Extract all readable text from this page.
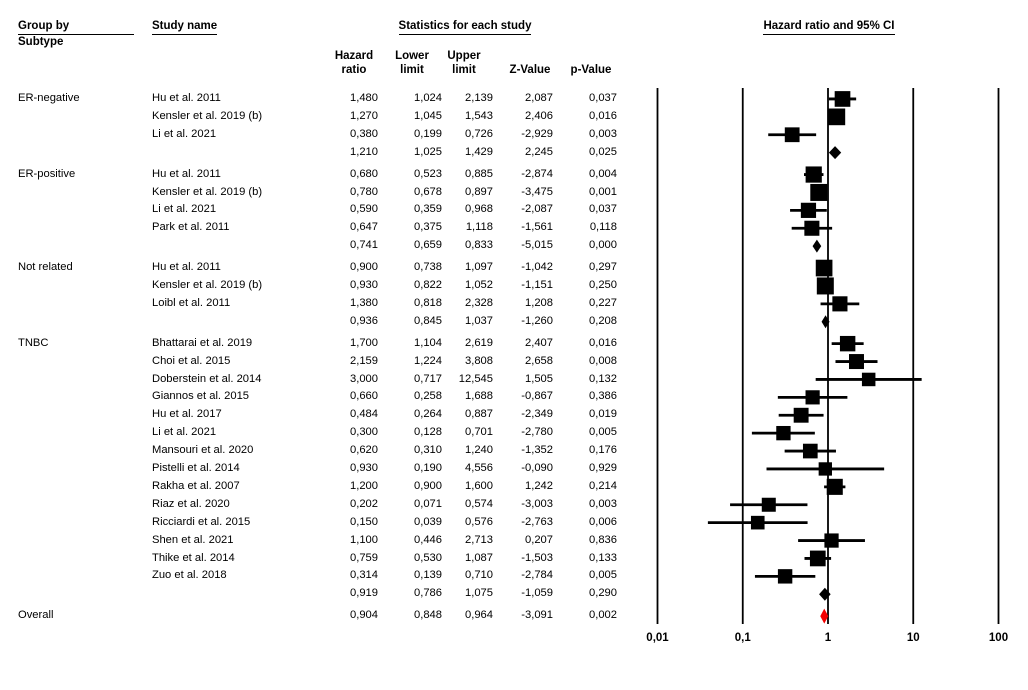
Group by
Subtype
Study name	Statistics for each study	Hazard ratio and 95% CI
Hazard
ratio
Lower
limit
Upper
limit	Z-Value	p-Value
ER-negative	Hu et al. 2011	1,480	1,024	2,139	2,087	0,037
Kensler et al. 2019 (b)	1,270	1,045	1,543	2,406	0,016
Li et al. 2021	0,380	0,199	0,726	-2,929	0,003
1,210	1,025	1,429	2,245	0,025
ER-positive	Hu et al. 2011	0,680	0,523	0,885	-2,874	0,004
Kensler et al. 2019 (b)	0,780	0,678	0,897	-3,475	0,001
Li et al. 2021	0,590	0,359	0,968	-2,087	0,037
Park et al. 2011	0,647	0,375	1,118	-1,561	0,118
0,741	0,659	0,833	-5,015	0,000
Not related	Hu et al. 2011	0,900	0,738	1,097	-1,042	0,297
Kensler et al. 2019 (b)	0,930	0,822	1,052	-1,151	0,250
Loibl et al. 2011	1,380	0,818	2,328	1,208	0,227
0,936	0,845	1,037	-1,260	0,208
TNBC	Bhattarai et al. 2019	1,700	1,104	2,619	2,407	0,016
Choi et al. 2015	2,159	1,224	3,808	2,658	0,008
Doberstein et al. 2014	3,000	0,717	12,545	1,505	0,132
Giannos et al. 2015	0,660	0,258	1,688	-0,867	0,386
Hu et al. 2017	0,484	0,264	0,887	-2,349	0,019
Li et al. 2021	0,300	0,128	0,701	-2,780	0,005
Mansouri et al. 2020	0,620	0,310	1,240	-1,352	0,176
Pistelli et al. 2014	0,930	0,190	4,556	-0,090	0,929
Rakha et al. 2007	1,200	0,900	1,600	1,242	0,214
Riaz et al. 2020	0,202	0,071	0,574	-3,003	0,003
Ricciardi et al. 2015	0,150	0,039	0,576	-2,763	0,006
Shen et al. 2021	1,100	0,446	2,713	0,207	0,836
Thike et al. 2014	0,759	0,530	1,087	-1,503	0,133
Zuo et al. 2018	0,314	0,139	0,710	-2,784	0,005
0,919	0,786	1,075	-1,059	0,290
Overall	0,904	0,848	0,964	-3,091	0,002
0,01	0,1	1	10	100
